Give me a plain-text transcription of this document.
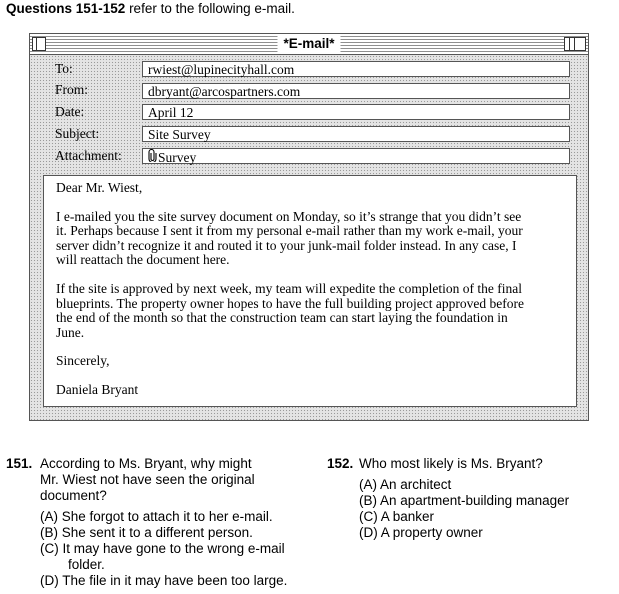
Questions 151-152 refer to the following e-mail.
*E-mail*
To:	rwiest@lupinecityhall.com
From:	dbryant@arcospartners.com
Date:	April 12
Subject:	Site Survey
Attachment:	Survey

Dear Mr. Wiest,

I e-mailed you the site survey document on Monday, so it’s strange that you didn’t see

it. Perhaps because I sent it from my personal e-mail rather than my work e-mail, your

server didn’t recognize it and routed it to your junk-mail folder instead. In any case, I

will reattach the document here.

If the site is approved by next week, my team will expedite the completion of the final

blueprints. The property owner hopes to have the full building project approved before

the end of the month so that the construction team can start laying the foundation in

June.

Sincerely,

Daniela Bryant

151. According to Ms. Bryant, why might
Mr. Wiest not have seen the original
document?
(A) She forgot to attach it to her e-mail.
(B) She sent it to a different person.
(C) It may have gone to the wrong e-mail
folder.
(D) The file in it may have been too large.
152. Who most likely is Ms. Bryant?
(A) An architect
(B) An apartment-building manager
(C) A banker
(D) A property owner
